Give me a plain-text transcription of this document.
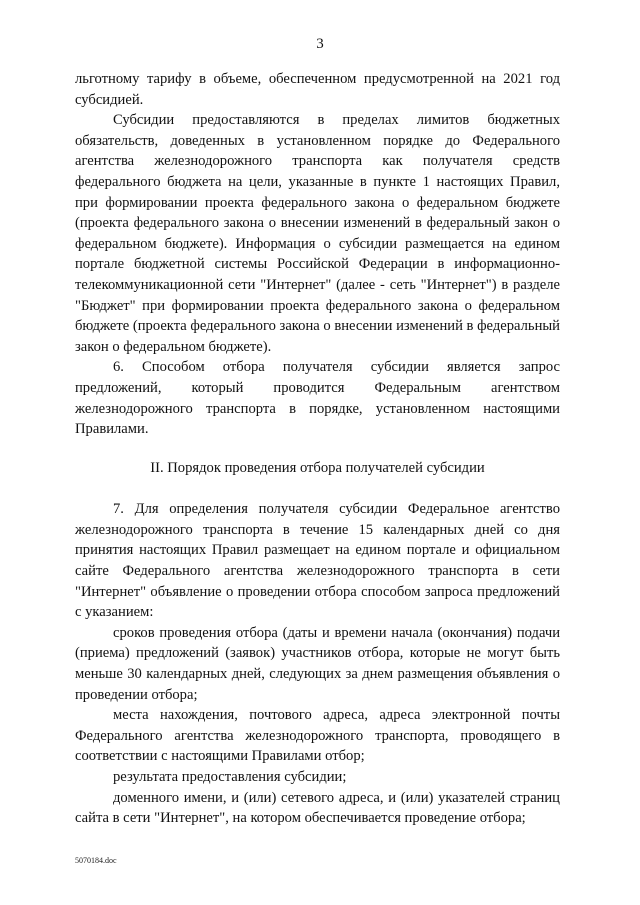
3

льготному тарифу в объеме, обеспеченном предусмотренной на 2021 год субсидией.

Субсидии предоставляются в пределах лимитов бюджетных обязательств, доведенных в установленном порядке до Федерального агентства железнодорожного транспорта как получателя средств федерального бюджета на цели, указанные в пункте 1 настоящих Правил, при формировании проекта федерального закона о федеральном бюджете (проекта федерального закона о внесении изменений в федеральный закон о федеральном бюджете). Информация о субсидии размещается на едином портале бюджетной системы Российской Федерации в информационно-телекоммуникационной сети "Интернет" (далее - сеть "Интернет") в разделе "Бюджет" при формировании проекта федерального закона о федеральном бюджете (проекта федерального закона о внесении изменений в федеральный закон о федеральном бюджете).

6. Способом отбора получателя субсидии является запрос предложений, который проводится Федеральным агентством железнодорожного транспорта в порядке, установленном настоящими Правилами.

II. Порядок проведения отбора получателей субсидии

7. Для определения получателя субсидии Федеральное агентство железнодорожного транспорта в течение 15 календарных дней со дня принятия настоящих Правил размещает на едином портале и официальном сайте Федерального агентства железнодорожного транспорта в сети "Интернет" объявление о проведении отбора способом запроса предложений с указанием:

сроков проведения отбора (даты и времени начала (окончания) подачи (приема) предложений (заявок) участников отбора, которые не могут быть меньше 30 календарных дней, следующих за днем размещения объявления о проведении отбора;

места нахождения, почтового адреса, адреса электронной почты Федерального агентства железнодорожного транспорта, проводящего в соответствии с настоящими Правилами отбор;

результата предоставления субсидии;

доменного имени, и (или) сетевого адреса, и (или) указателей страниц сайта в сети "Интернет", на котором обеспечивается проведение отбора;

5070184.doc
